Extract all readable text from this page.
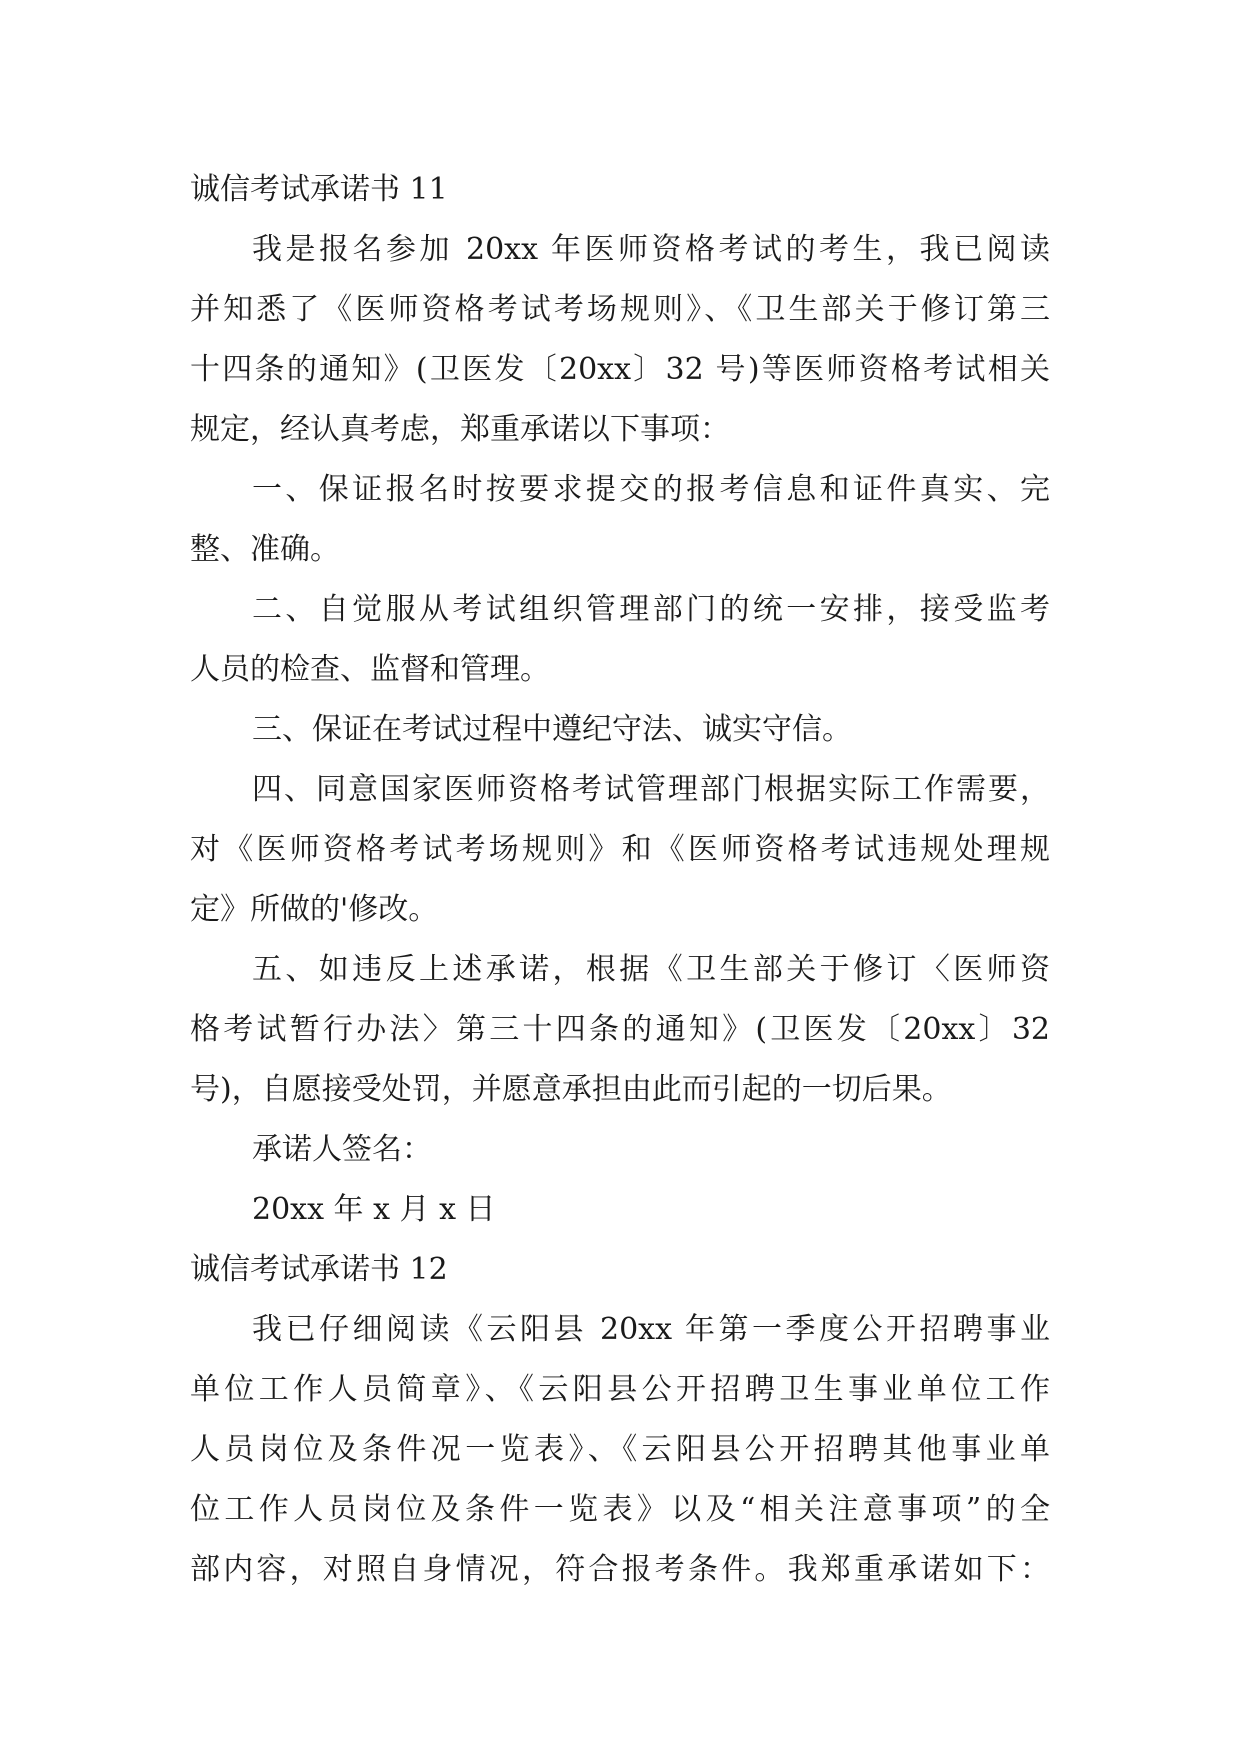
诚信考试承诺书 11
我是报名参加 20xx 年医师资格考试的考生，我已阅读
并知悉了《医师资格考试考场规则》、《卫生部关于修订第三
十四条的通知》(卫医发〔20xx〕32 号)等医师资格考试相关
规定，经认真考虑，郑重承诺以下事项：
一、保证报名时按要求提交的报考信息和证件真实、完
整、准确。
二、自觉服从考试组织管理部门的统一安排，接受监考
人员的检查、监督和管理。
三、保证在考试过程中遵纪守法、诚实守信。
四、同意国家医师资格考试管理部门根据实际工作需要，
对《医师资格考试考场规则》和《医师资格考试违规处理规
定》所做的'修改。
五、如违反上述承诺，根据《卫生部关于修订〈医师资
格考试暂行办法〉第三十四条的通知》(卫医发〔20xx〕32
号)，自愿接受处罚，并愿意承担由此而引起的一切后果。
承诺人签名：
20xx 年 x 月 x 日
诚信考试承诺书 12
我已仔细阅读《云阳县 20xx 年第一季度公开招聘事业
单位工作人员简章》、《云阳县公开招聘卫生事业单位工作
人员岗位及条件况一览表》、《云阳县公开招聘其他事业单
位工作人员岗位及条件一览表》以及“相关注意事项”的全
部内容，对照自身情况，符合报考条件。我郑重承诺如下：
